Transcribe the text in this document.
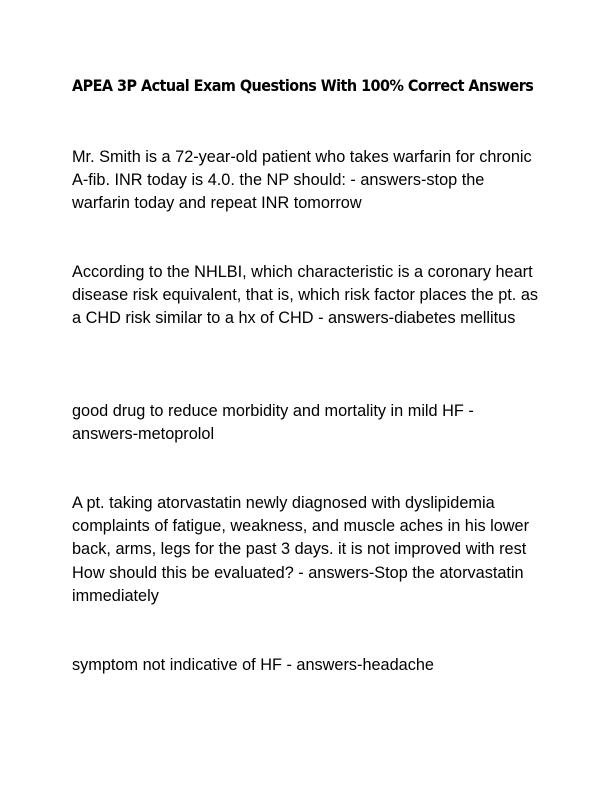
APEA 3P Actual Exam Questions With 100% Correct Answers

Mr. Smith is a 72-year-old patient who takes warfarin for chronic A-fib. INR today is 4.0. the NP should: - answers-stop the warfarin today and repeat INR tomorrow

According to the NHLBI, which characteristic is a coronary heart disease risk equivalent, that is, which risk factor places the pt. as a CHD risk similar to a hx of CHD - answers-diabetes mellitus

good drug to reduce morbidity and mortality in mild HF - answers-metoprolol

A pt. taking atorvastatin newly diagnosed with dyslipidemia complaints of fatigue, weakness, and muscle aches in his lower back, arms, legs for the past 3 days. it is not improved with rest How should this be evaluated? - answers-Stop the atorvastatin immediately

symptom not indicative of HF - answers-headache
